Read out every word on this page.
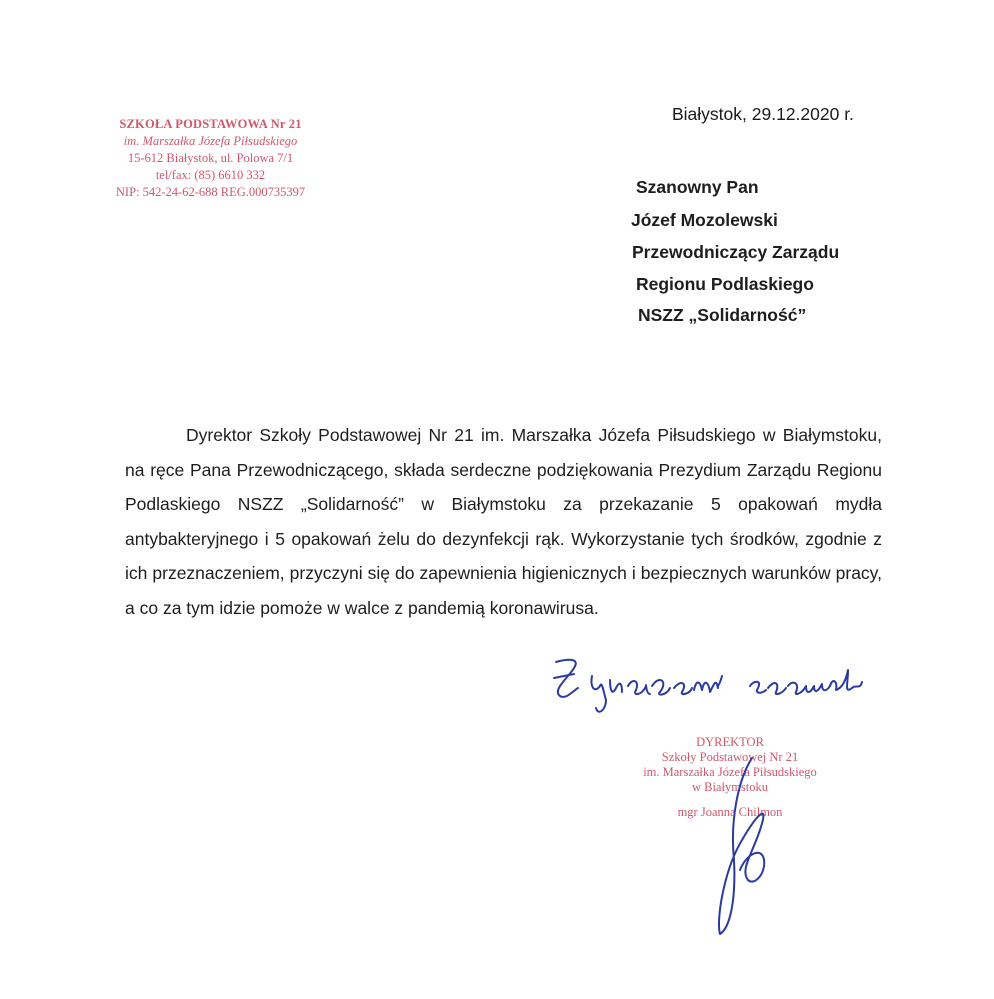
SZKOŁA PODSTAWOWA Nr 21
im. Marszałka Józefa Piłsudskiego
15-612 Białystok, ul. Polowa 7/1
tel/fax: (85) 6610 332
NIP: 542-24-62-688 REG.000735397
Białystok, 29.12.2020 r.
Szanowny Pan
Józef Mozolewski
Przewodniczący Zarządu
Regionu Podlaskiego
NSZZ „Solidarność”

Dyrektor Szkoły Podstawowej Nr 21 im. Marszałka Józefa Piłsudskiego w Białymstoku, na ręce Pana Przewodniczącego, składa serdeczne podziękowania Prezydium Zarządu Regionu Podlaskiego NSZZ „Solidarność” w Białymstoku za przekazanie 5 opakowań mydła antybakteryjnego i 5 opakowań żelu do dezynfekcji rąk. Wykorzystanie tych środków, zgodnie z ich przeznaczeniem, przyczyni się do zapewnienia higienicznych i bezpiecznych warunków pracy, a co za tym idzie pomoże w walce z pandemią koronawirusa.

DYREKTOR
Szkoły Podstawowej Nr 21
im. Marszałka Józefa Piłsudskiego
w Białymstoku
mgr Joanna Chilmon
